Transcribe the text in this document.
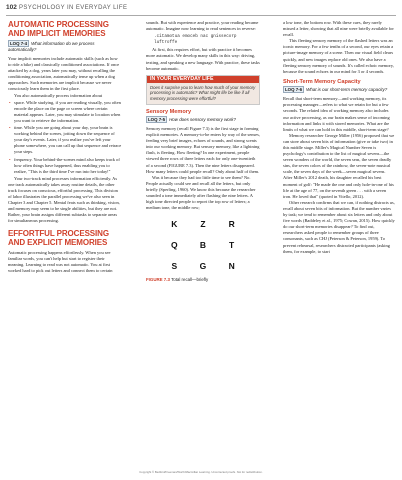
102 PSYCHOLOGY IN EVERYDAY LIFE
AUTOMATIC PROCESSING AND IMPLICIT MEMORIES
LOQ 7-4 What information do we process automatically?

Your implicit memories include automatic skills (such as how to ride a bike) and classically conditioned associations. If once attacked by a dog, years later you may, without recalling the conditioning association, automatically tense up when a dog approaches. Such memories are implicit because we never consciously learn them in the first place.

You also automatically process information about

• space. While studying, if you are reading visually, you often encode the place on the page or screen where certain material appears. Later, you may stimulate to location when you want to retrieve the information.
• time. While you are going about your day, your brain is working behind the scenes, jotting down the sequence of your day's events. Later, if you realize you've left your phone somewhere, you can call up that sequence and retrace your steps.
• frequency. Your behind-the-scenes mind also keeps track of how often things have happened, thus enabling you to realize, "This is the third time I've run into her today!"

Your two-track mind processes information efficiently. As one track automatically takes away routine details, the other track focuses on conscious, effortful processing. This division of labor illustrates the parallel processing we've also seen in Chapter 3 and Chapter 5. Mental feats such as thinking, vision, and memory may seem to be single abilities, but they are not. Rather, your brain assigns different subtasks to separate areas for simultaneous processing.

EFFORTFUL PROCESSING AND EXPLICIT MEMORIES

Automatic processing happens effortlessly. When you see familiar words, you can't help but start to register their meaning. Learning to read was not automatic. You at first worked hard to pick out letters and connect them to certain

sounds. But with experience and practice, your reading became automatic. Imagine now learning to read sentences in reverse:

.citamotua emoceb nac gnissecorp
luftroffe

At first, this requires effort, but with practice it becomes more automatic. We develop many skills in this way: driving, texting, and speaking a new language. With practice, these tasks become automatic.

IN YOUR EVERYDAY LIFE
Does it surprise you to learn how much of your memory processing is automatic? What might life be like if all memory processing were effortful?
Sensory Memory
LOQ 7-5 How does sensory memory work?

Sensory memory (recall Figure 7.3) is the first stage in forming explicit memories. A memory-to-be enters by way of the senses, feeding very brief images, echoes of sounds, and strong scents into our working memory. But sensory memory, like a lightning flash, is fleeting. How fleeting? In one experiment, people viewed three rows of three letters each for only one-twentieth of a second (FIGURE 7.3). Then the nine letters disappeared. How many letters could people recall? Only about half of them.

Was it because they had too little time to see them? No. People actually could see and recall all the letters, but only briefly (Sperling, 1960). We know this because the researcher sounded a tone immediately after flashing the nine letters. A high tone directed people to report the top row of letters; a medium tone, the middle row;

K	Z	R
Q	B	T
S	G	N
FIGURE 7.3 Total recall—briefly

a low tone, the bottom row. With these cues, they rarely missed a letter, showing that all nine were briefly available for recall.

This fleeting sensory memory of the flashed letters was an iconic memory. For a few tenths of a second, our eyes retain a picture-image memory of a scene. Then our visual field clears quickly, and new images replace old ones. We also have a fleeting sensory memory of sounds. It's called echoic memory, because the sound echoes in our mind for 3 or 4 seconds.

Short-Term Memory Capacity
LOQ 7-6 What is our short-term memory capacity?

Recall that short-term memory—and working memory, its processing manager—refers to what we retain for but a few seconds. The related idea of working memory also includes our active processing, as our brain makes sense of incoming information and links it with stored memories. What are the limits of what we can hold in this middle, short-term stage?

Memory researcher George Miller (1956) proposed that we can store about seven bits of information (give or take two) in this middle stage. Miller's Magical Number Seven is psychology's contribution to the list of magical sevens—the seven wonders of the world, the seven seas, the seven deadly sins, the seven colors of the rainbow, the seven-note musical scale, the seven days of the week—seven magical sevens. After Miller's 2012 death, his daughter recalled his best moment of golf: "He made the one and only hole-in-one of his life at the age of 77, on the seventh green . . . with a seven iron. He loved that" (quoted in Vitello, 2012).

Other research confirms that we can, if nothing distracts us, recall about seven bits of information. But the number varies by task; we tend to remember about six letters and only about five words (Baddeley et al., 1975; Cowan, 2015). How quickly do our short-term memories disappear? To find out, researchers asked people to remember groups of three consonants, such as CHJ (Peterson & Peterson, 1959). To prevent rehearsal, researchers distracted participants (asking them, for example, to start

Copyright © Bedford/Freeman/Worth/Macmillan Learning. Uncorrected proofs. Not for redistribution.
